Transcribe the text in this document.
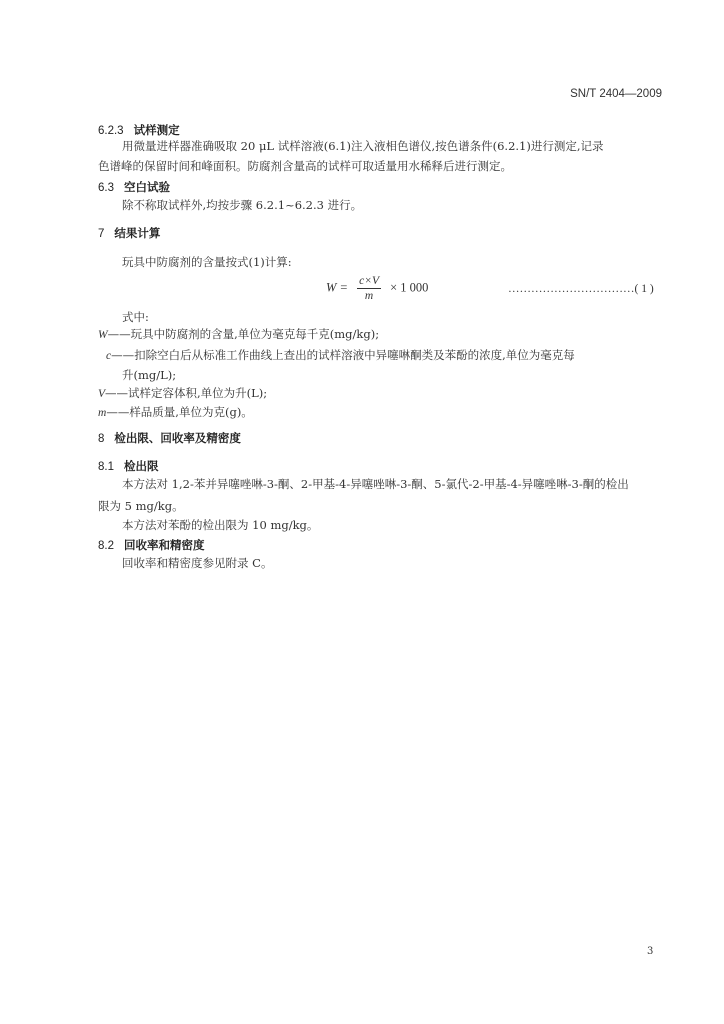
SN/T 2404—2009
6.2.3 试样测定
用微量进样器准确吸取 20 μL 试样溶液(6.1)注入液相色谱仪,按色谱条件(6.2.1)进行测定,记录
色谱峰的保留时间和峰面积。防腐剂含量高的试样可取适量用水稀释后进行测定。
6.3 空白试验
除不称取试样外,均按步骤 6.2.1~6.2.3 进行。
7 结果计算
玩具中防腐剂的含量按式(1)计算:
$W = \frac{c\times V}{m} \times 1$ 000	……………………………( 1 )
式中:
W——玩具中防腐剂的含量,单位为毫克每千克(mg/kg);
c——扣除空白后从标准工作曲线上查出的试样溶液中异噻啉酮类及苯酚的浓度,单位为毫克每
升(mg/L);
V——试样定容体积,单位为升(L);
m——样品质量,单位为克(g)。
8 检出限、回收率及精密度
8.1 检出限
本方法对 1,2-苯并异噻唑啉-3-酮、2-甲基-4-异噻唑啉-3-酮、5-氯代-2-甲基-4-异噻唑啉-3-酮的检出
限为 5 mg/kg。
本方法对苯酚的检出限为 10 mg/kg。
8.2 回收率和精密度
回收率和精密度参见附录 C。
3
